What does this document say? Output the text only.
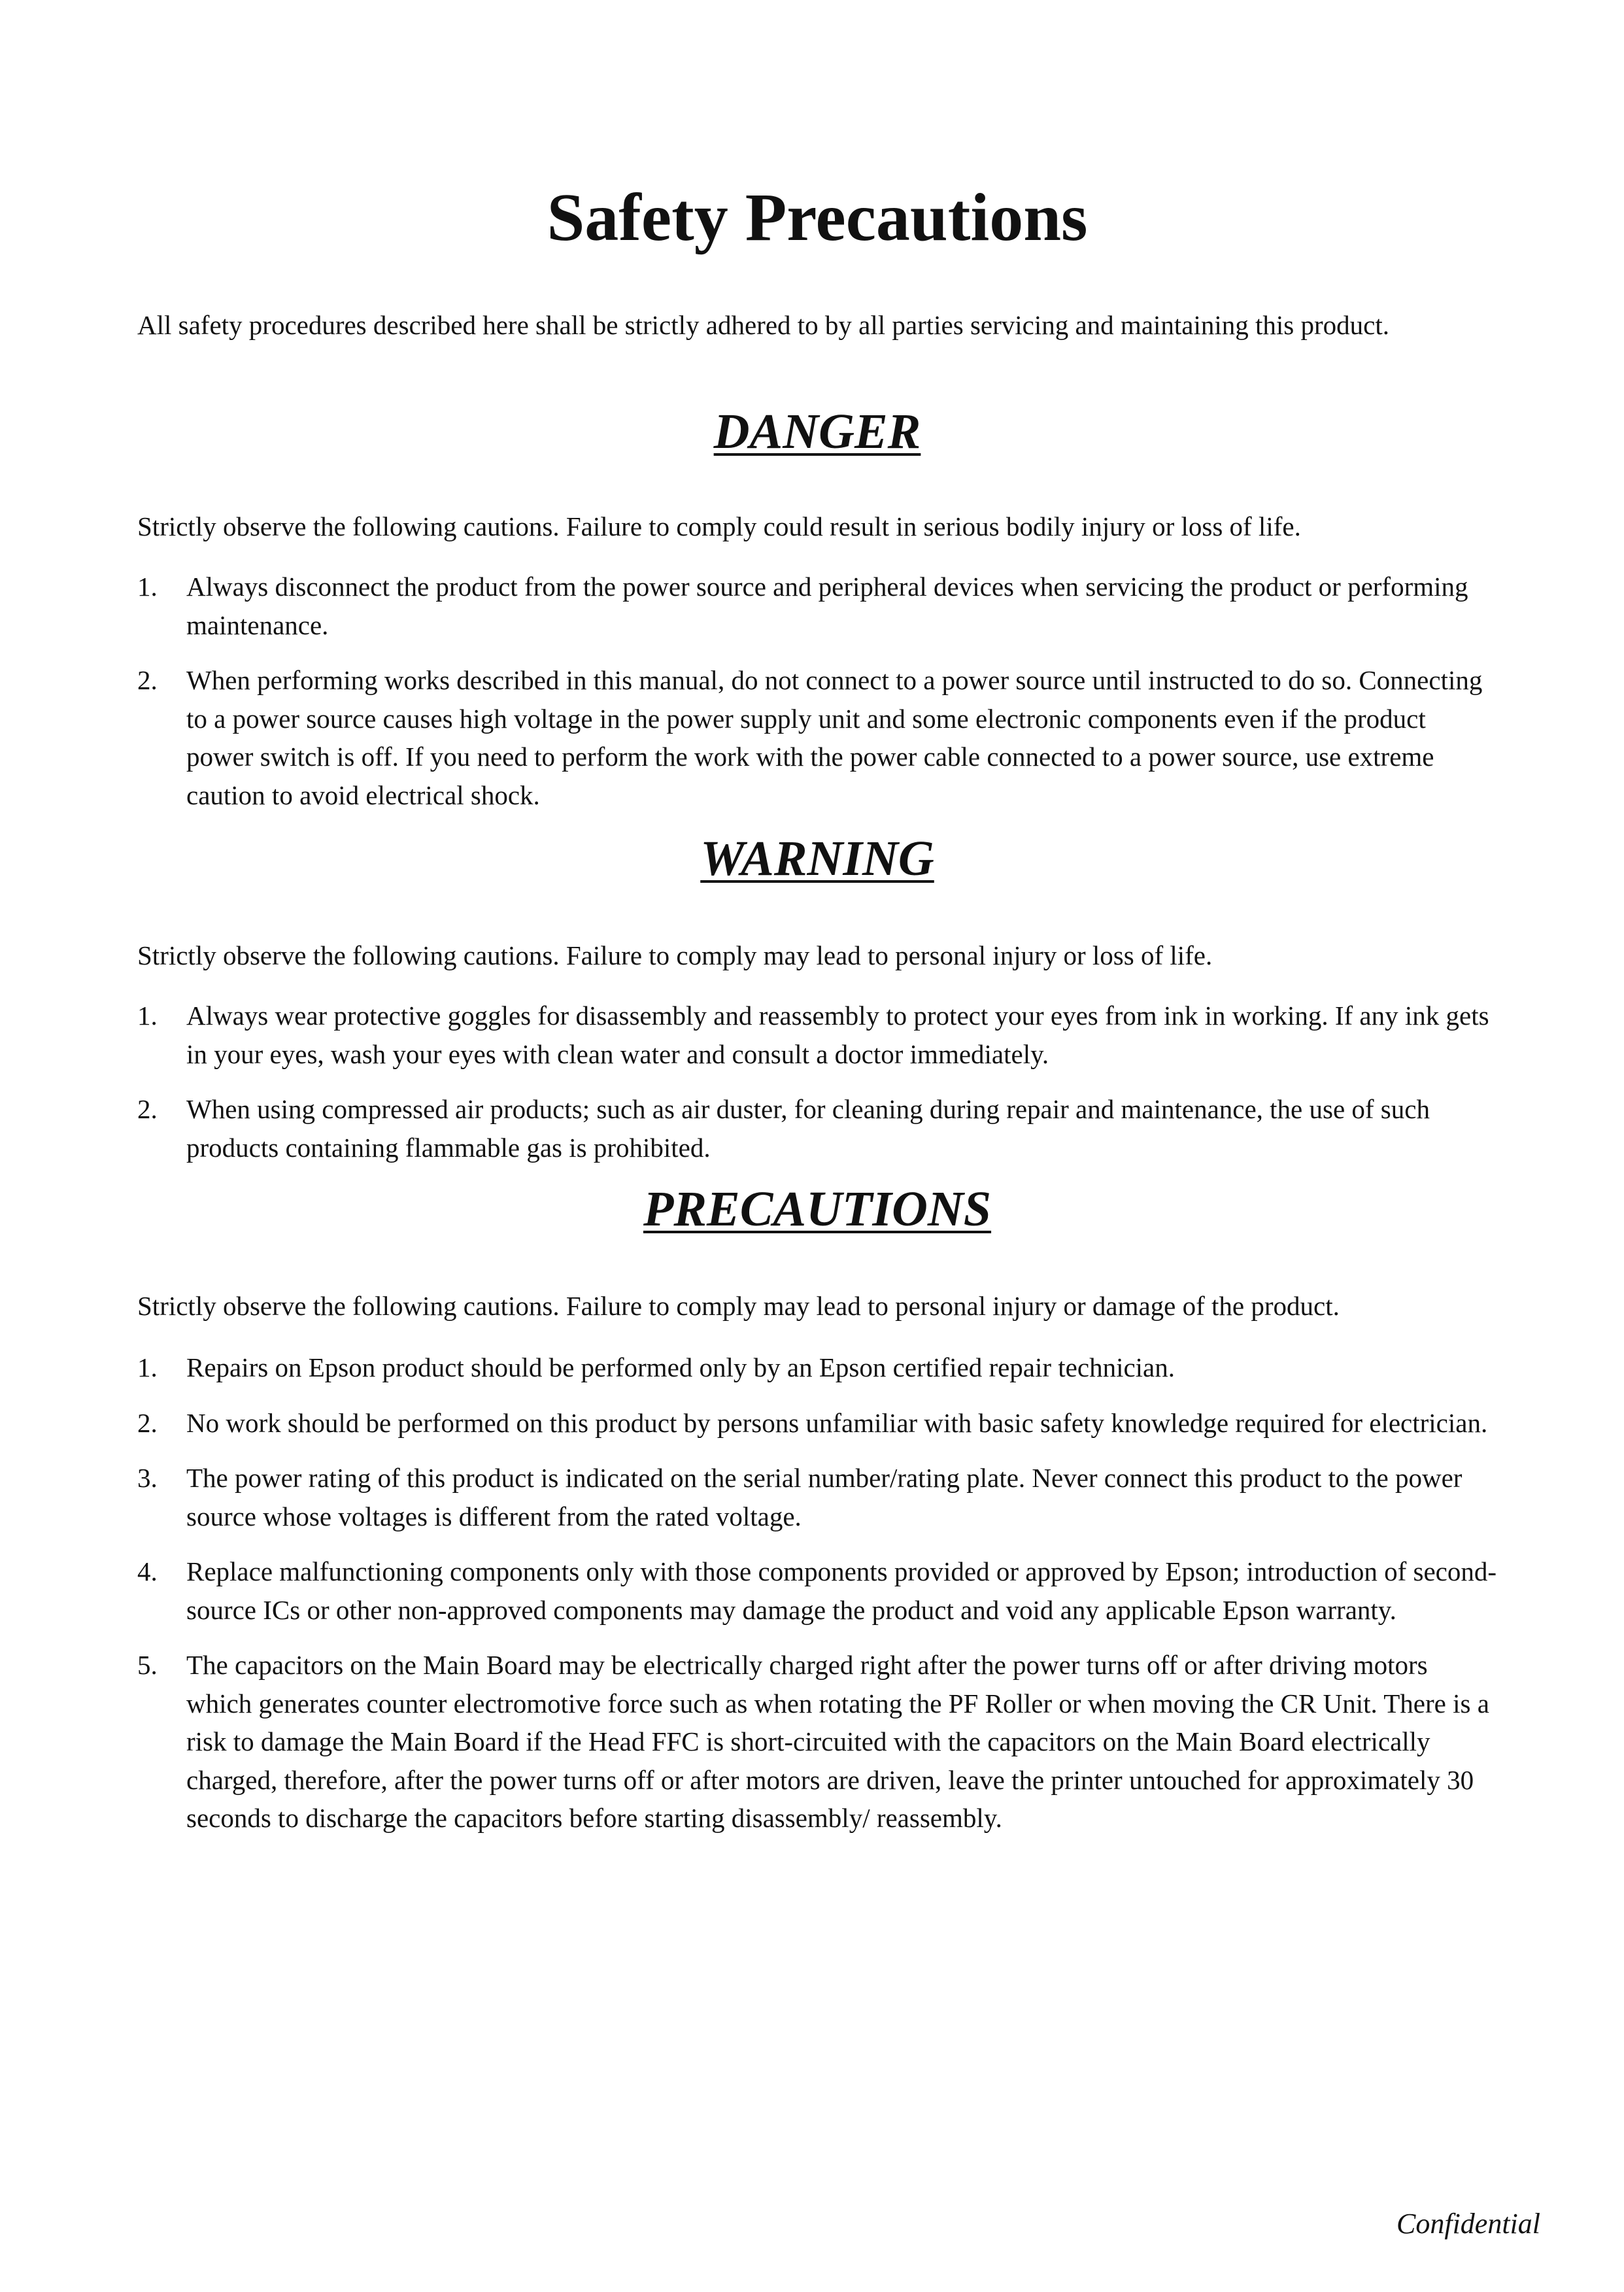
Safety Precautions

All safety procedures described here shall be strictly adhered to by all parties servicing and maintaining this product.

DANGER

Strictly observe the following cautions. Failure to comply could result in serious bodily injury or loss of life.

1. Always disconnect the product from the power source and peripheral devices when servicing the product or performing maintenance.
2. When performing works described in this manual, do not connect to a power source until instructed to do so. Connecting to a power source causes high voltage in the power supply unit and some electronic components even if the product power switch is off. If you need to perform the work with the power cable connected to a power source, use extreme caution to avoid electrical shock.
WARNING

Strictly observe the following cautions. Failure to comply may lead to personal injury or loss of life.

1. Always wear protective goggles for disassembly and reassembly to protect your eyes from ink in working. If any ink gets in your eyes, wash your eyes with clean water and consult a doctor immediately.
2. When using compressed air products; such as air duster, for cleaning during repair and maintenance, the use of such products containing flammable gas is prohibited.
PRECAUTIONS

Strictly observe the following cautions. Failure to comply may lead to personal injury or damage of the product.

1. Repairs on Epson product should be performed only by an Epson certified repair technician.
2. No work should be performed on this product by persons unfamiliar with basic safety knowledge required for electrician.
3. The power rating of this product is indicated on the serial number/rating plate. Never connect this product to the power source whose voltages is different from the rated voltage.
4. Replace malfunctioning components only with those components provided or approved by Epson; introduction of second-source ICs or other non-approved components may damage the product and void any applicable Epson warranty.
5. The capacitors on the Main Board may be electrically charged right after the power turns off or after driving motors which generates counter electromotive force such as when rotating the PF Roller or when moving the CR Unit. There is a risk to damage the Main Board if the Head FFC is short-circuited with the capacitors on the Main Board electrically charged, therefore, after the power turns off or after motors are driven, leave the printer untouched for approximately 30 seconds to discharge the capacitors before starting disassembly/ reassembly.
Confidential
